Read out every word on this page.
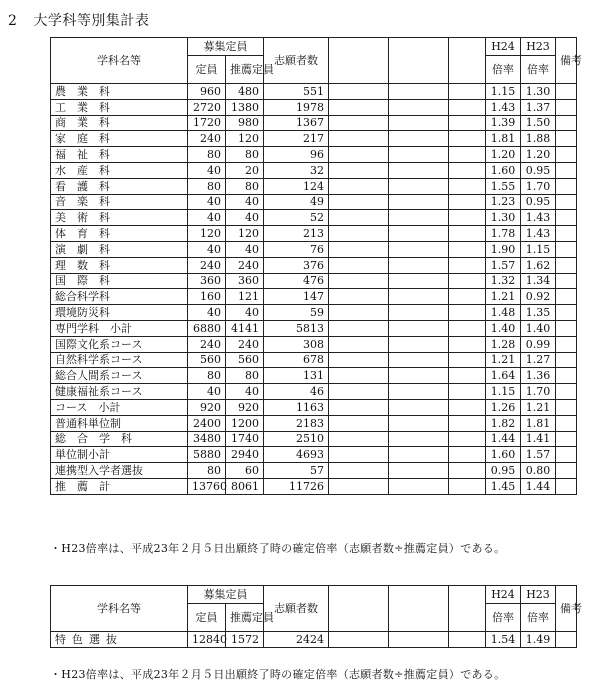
2 大学科等別集計表
学科名等	募集定員		志願者数				H24	H23	備考
	定員	推薦定員					倍率	倍率	
農　業　科	960	480	551				1.15	1.30	
工　業　科	2720	1380	1978				1.43	1.37	
商　業　科	1720	980	1367				1.39	1.50	
家　庭　科	240	120	217				1.81	1.88	
福　祉　科	80	80	96				1.20	1.20	
水　産　科	40	20	32				1.60	0.95	
看　護　科	80	80	124				1.55	1.70	
音　楽　科	40	40	49				1.23	0.95	
美　術　科	40	40	52				1.30	1.43	
体　育　科	120	120	213				1.78	1.43	
演　劇　科	40	40	76				1.90	1.15	
理　数　科	240	240	376				1.57	1.62	
国　際　科	360	360	476				1.32	1.34	
総合科学科	160	121	147				1.21	0.92	
環境防災科	40	40	59				1.48	1.35	
専門学科　小計	6880	4141	5813				1.40	1.40	
国際文化系コース	240	240	308				1.28	0.99	
自然科学系コース	560	560	678				1.21	1.27	
総合人間系コース	80	80	131				1.64	1.36	
健康福祉系コース	40	40	46				1.15	1.70	
コース　小計	920	920	1163				1.26	1.21	
普通科単位制	2400	1200	2183				1.82	1.81	
総　合　学　科	3480	1740	2510				1.44	1.41	
単位制小計	5880	2940	4693				1.60	1.57	
連携型入学者選抜	80	60	57				0.95	0.80	
推　薦　計	13760	8061	11726				1.45	1.44	
・H23倍率は、平成23年２月５日出願終了時の確定倍率（志願者数÷推薦定員）である。
学科名等	募集定員		志願者数				H24	H23	備考
	定員	推薦定員					倍率	倍率	
特色選抜	12840	1572	2424				1.54	1.49	
・H23倍率は、平成23年２月５日出願終了時の確定倍率（志願者数÷推薦定員）である。
